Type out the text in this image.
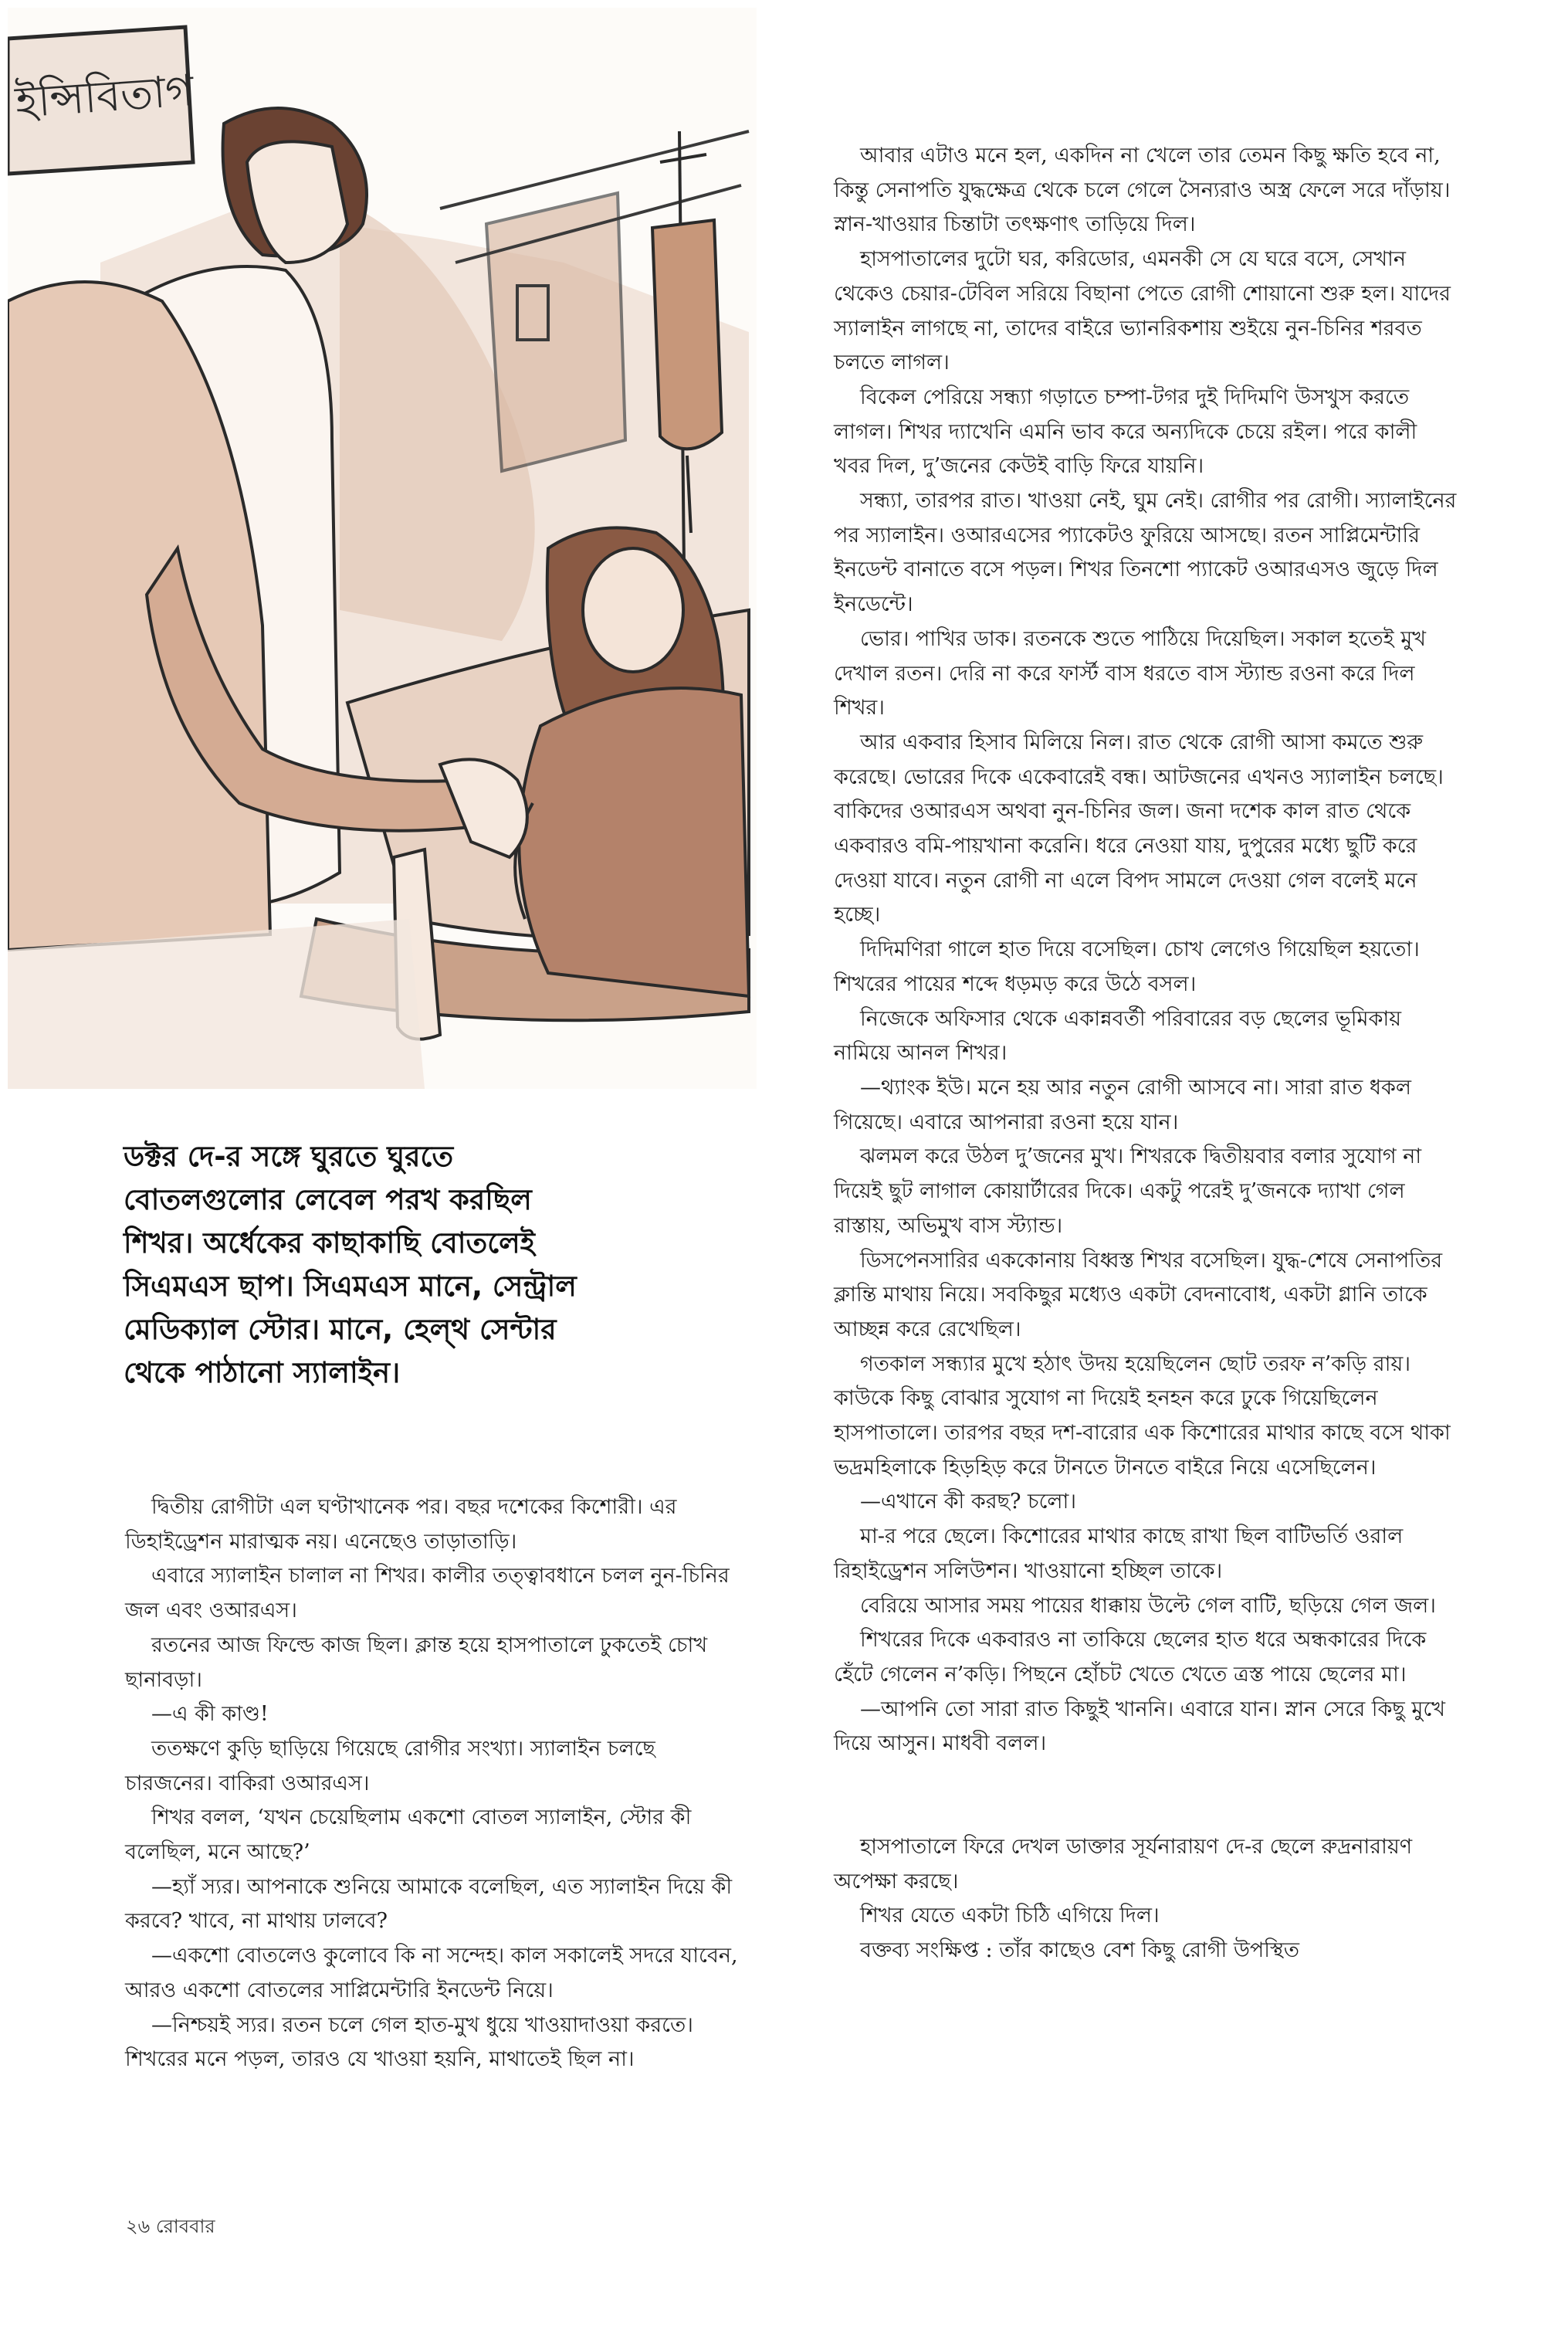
ইন্সিবিতাগ
ডক্টর দে-র সঙ্গে ঘুরতে ঘুরতে
বোতলগুলোর লেবেল পরখ করছিল
শিখর। অর্ধেকের কাছাকাছি বোতলেই
সিএমএস ছাপ। সিএমএস মানে, সেন্ট্রাল
মেডিক্যাল স্টোর। মানে, হেল্‌থ সেন্টার
থেকে পাঠানো স্যালাইন।

দ্বিতীয় রোগীটা এল ঘণ্টাখানেক পর। বছর দশেকের কিশোরী। এর ডিহাইড্রেশন মারাত্মক নয়। এনেছেও তাড়াতাড়ি।

এবারে স্যালাইন চালাল না শিখর। কালীর তত্ত্বাবধানে চলল নুন-চিনির জল এবং ওআরএস।

রতনের আজ ফিল্ডে কাজ ছিল। ক্লান্ত হয়ে হাসপাতালে ঢুকতেই চোখ ছানাবড়া।

—এ কী কাণ্ড!

ততক্ষণে কুড়ি ছাড়িয়ে গিয়েছে রোগীর সংখ্যা। স্যালাইন চলছে চারজনের। বাকিরা ওআরএস।

শিখর বলল, ‘যখন চেয়েছিলাম একশো বোতল স্যালাইন, স্টোর কী বলেছিল, মনে আছে?’

—হ্যাঁ স্যর। আপনাকে শুনিয়ে আমাকে বলেছিল, এত স্যালাইন দিয়ে কী করবে? খাবে, না মাথায় ঢালবে?

—একশো বোতলেও কুলোবে কি না সন্দেহ। কাল সকালেই সদরে যাবেন, আরও একশো বোতলের সাপ্লিমেন্টারি ইনডেন্ট নিয়ে।

—নিশ্চয়ই স্যর। রতন চলে গেল হাত-মুখ ধুয়ে খাওয়াদাওয়া করতে। শিখরের মনে পড়ল, তারও যে খাওয়া হয়নি, মাথাতেই ছিল না।

আবার এটাও মনে হল, একদিন না খেলে তার তেমন কিছু ক্ষতি হবে না, কিন্তু সেনাপতি যুদ্ধক্ষেত্র থেকে চলে গেলে সৈন্যরাও অস্ত্র ফেলে সরে দাঁড়ায়। স্নান-খাওয়ার চিন্তাটা তৎক্ষণাৎ তাড়িয়ে দিল।

হাসপাতালের দুটো ঘর, করিডোর, এমনকী সে যে ঘরে বসে, সেখান থেকেও চেয়ার-টেবিল সরিয়ে বিছানা পেতে রোগী শোয়ানো শুরু হল। যাদের স্যালাইন লাগছে না, তাদের বাইরে ভ্যানরিকশায় শুইয়ে নুন-চিনির শরবত চলতে লাগল।

বিকেল পেরিয়ে সন্ধ্যা গড়াতে চম্পা-টগর দুই দিদিমণি উসখুস করতে লাগল। শিখর দ্যাখেনি এমনি ভাব করে অন্যদিকে চেয়ে রইল। পরে কালী খবর দিল, দু’জনের কেউই বাড়ি ফিরে যায়নি।

সন্ধ্যা, তারপর রাত। খাওয়া নেই, ঘুম নেই। রোগীর পর রোগী। স্যালাইনের পর স্যালাইন। ওআরএসের প্যাকেটও ফুরিয়ে আসছে। রতন সাপ্লিমেন্টারি ইনডেন্ট বানাতে বসে পড়ল। শিখর তিনশো প্যাকেট ওআরএসও জুড়ে দিল ইনডেন্টে।

ভোর। পাখির ডাক। রতনকে শুতে পাঠিয়ে দিয়েছিল। সকাল হতেই মুখ দেখাল রতন। দেরি না করে ফার্স্ট বাস ধরতে বাস স্ট্যান্ড রওনা করে দিল শিখর।

আর একবার হিসাব মিলিয়ে নিল। রাত থেকে রোগী আসা কমতে শুরু করেছে। ভোরের দিকে একেবারেই বন্ধ। আটজনের এখনও স্যালাইন চলছে। বাকিদের ওআরএস অথবা নুন-চিনির জল। জনা দশেক কাল রাত থেকে একবারও বমি-পায়খানা করেনি। ধরে নেওয়া যায়, দুপুরের মধ্যে ছুটি করে দেওয়া যাবে। নতুন রোগী না এলে বিপদ সামলে দেওয়া গেল বলেই মনে হচ্ছে।

দিদিমণিরা গালে হাত দিয়ে বসেছিল। চোখ লেগেও গিয়েছিল হয়তো। শিখরের পায়ের শব্দে ধড়মড় করে উঠে বসল।

নিজেকে অফিসার থেকে একান্নবর্তী পরিবারের বড় ছেলের ভূমিকায় নামিয়ে আনল শিখর।

—থ্যাংক ইউ। মনে হয় আর নতুন রোগী আসবে না। সারা রাত ধকল গিয়েছে। এবারে আপনারা রওনা হয়ে যান।

ঝলমল করে উঠল দু’জনের মুখ। শিখরকে দ্বিতীয়বার বলার সুযোগ না দিয়েই ছুট লাগাল কোয়ার্টারের দিকে। একটু পরেই দু’জনকে দ্যাখা গেল রাস্তায়, অভিমুখ বাস স্ট্যান্ড।

ডিসপেনসারির এককোনায় বিধ্বস্ত শিখর বসেছিল। যুদ্ধ-শেষে সেনাপতির ক্লান্তি মাথায় নিয়ে। সবকিছুর মধ্যেও একটা বেদনাবোধ, একটা গ্লানি তাকে আচ্ছন্ন করে রেখেছিল।

গতকাল সন্ধ্যার মুখে হঠাৎ উদয় হয়েছিলেন ছোট তরফ ন’কড়ি রায়। কাউকে কিছু বোঝার সুযোগ না দিয়েই হনহন করে ঢুকে গিয়েছিলেন হাসপাতালে। তারপর বছর দশ-বারোর এক কিশোরের মাথার কাছে বসে থাকা ভদ্রমহিলাকে হিড়হিড় করে টানতে টানতে বাইরে নিয়ে এসেছিলেন।

—এখানে কী করছ? চলো।

মা-র পরে ছেলে। কিশোরের মাথার কাছে রাখা ছিল বাটিভর্তি ওরাল রিহাইড্রেশন সলিউশন। খাওয়ানো হচ্ছিল তাকে।

বেরিয়ে আসার সময় পায়ের ধাক্কায় উল্টে গেল বাটি, ছড়িয়ে গেল জল।

শিখরের দিকে একবারও না তাকিয়ে ছেলের হাত ধরে অন্ধকারের দিকে হেঁটে গেলেন ন’কড়ি। পিছনে হোঁচট খেতে খেতে ত্রস্ত পায়ে ছেলের মা।

—আপনি তো সারা রাত কিছুই খাননি। এবারে যান। স্নান সেরে কিছু মুখে দিয়ে আসুন। মাধবী বলল।

হাসপাতালে ফিরে দেখল ডাক্তার সূর্যনারায়ণ দে-র ছেলে রুদ্রনারায়ণ অপেক্ষা করছে।

শিখর যেতে একটা চিঠি এগিয়ে দিল।

বক্তব্য সংক্ষিপ্ত : তাঁর কাছেও বেশ কিছু রোগী উপস্থিত

২৬ রোববার
